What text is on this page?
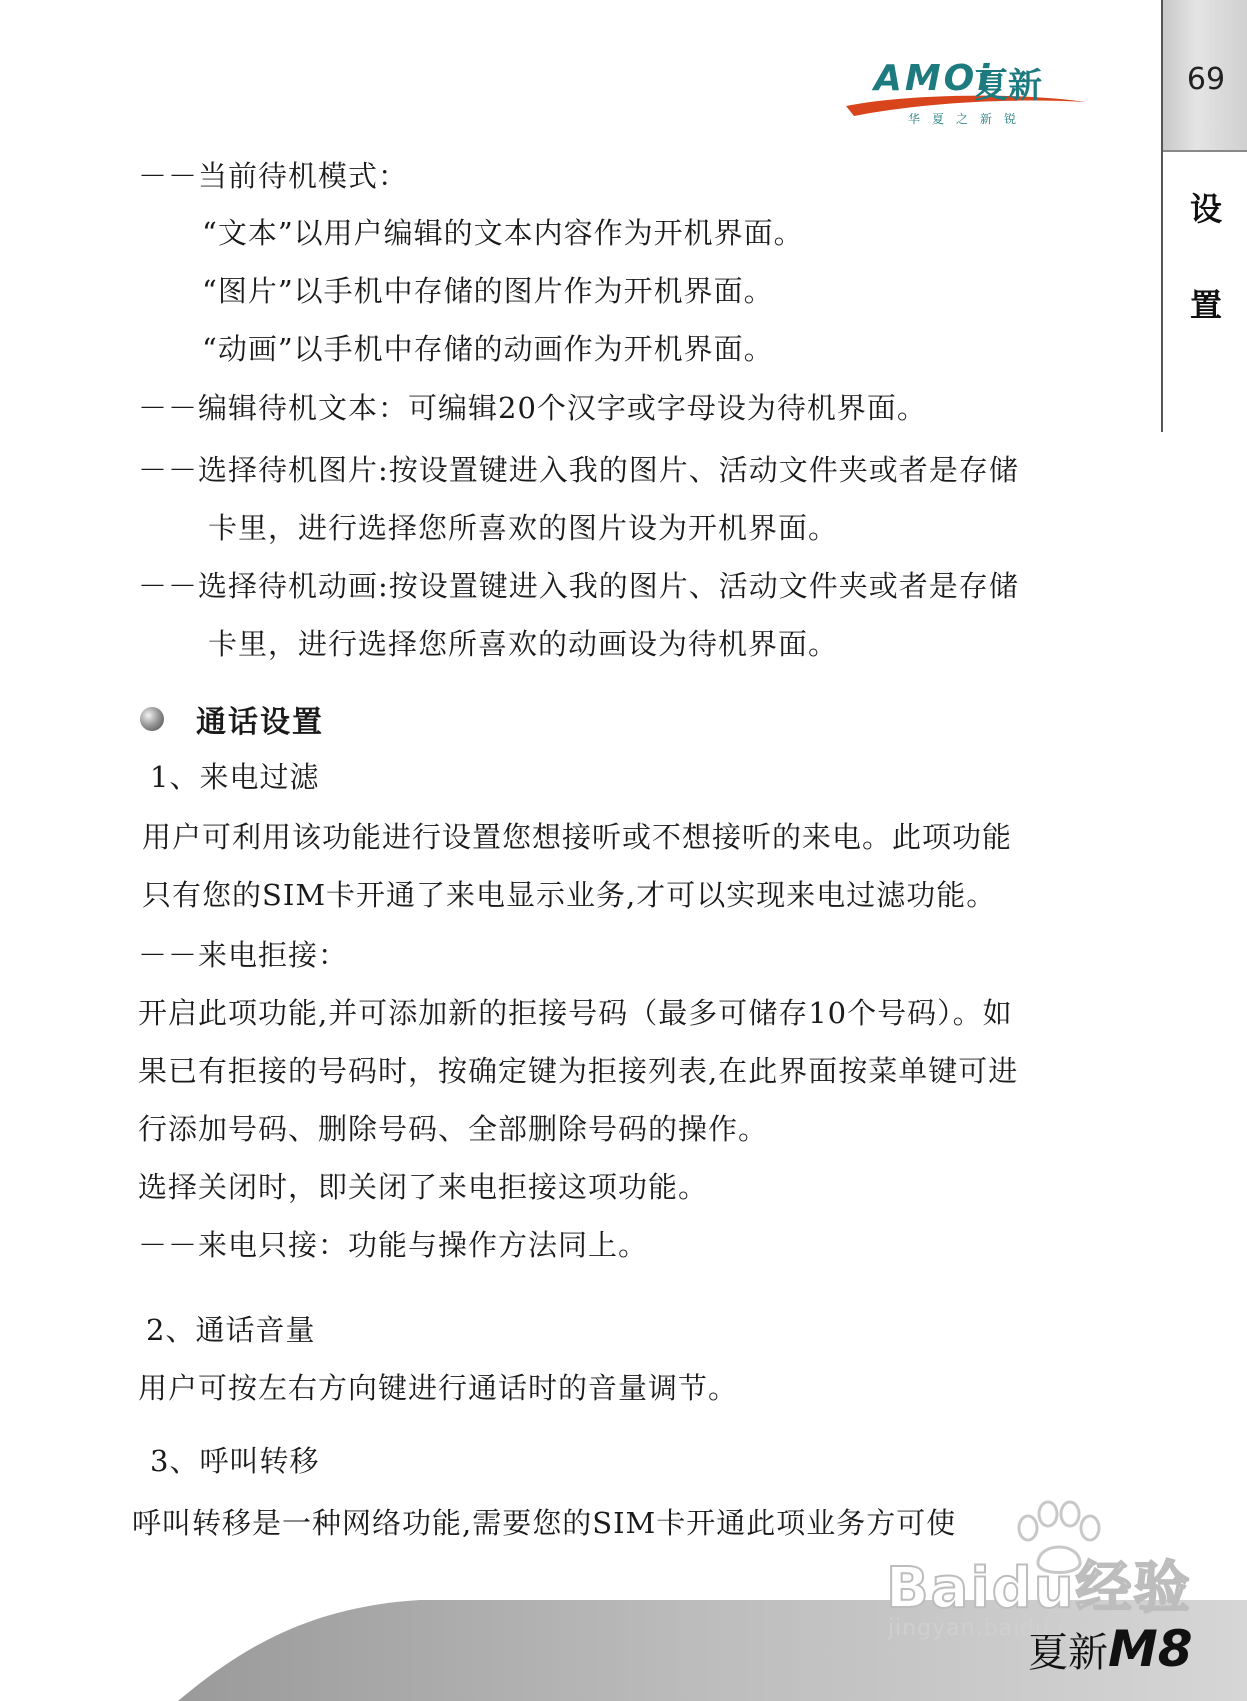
69
设
置
AMOi
夏新
华夏之新锐
－－当前待机模式：
“文本”以用户编辑的文本内容作为开机界面。
“图片”以手机中存储的图片作为开机界面。
“动画”以手机中存储的动画作为开机界面。
－－编辑待机文本：可编辑20个汉字或字母设为待机界面。
－－选择待机图片:按设置键进入我的图片、活动文件夹或者是存储
卡里，进行选择您所喜欢的图片设为开机界面。
－－选择待机动画:按设置键进入我的图片、活动文件夹或者是存储
卡里，进行选择您所喜欢的动画设为待机界面。
通话设置
1、来电过滤
用户可利用该功能进行设置您想接听或不想接听的来电。此项功能
只有您的SIM卡开通了来电显示业务,才可以实现来电过滤功能。
－－来电拒接：
开启此项功能,并可添加新的拒接号码（最多可储存10个号码）。如
果已有拒接的号码时，按确定键为拒接列表,在此界面按菜单键可进
行添加号码、删除号码、全部删除号码的操作。
选择关闭时，即关闭了来电拒接这项功能。
－－来电只接：功能与操作方法同上。
2、通话音量
用户可按左右方向键进行通话时的音量调节。
3、呼叫转移
呼叫转移是一种网络功能,需要您的SIM卡开通此项业务方可使
Baidu经验
jingyan.baidu.com
夏新M8
